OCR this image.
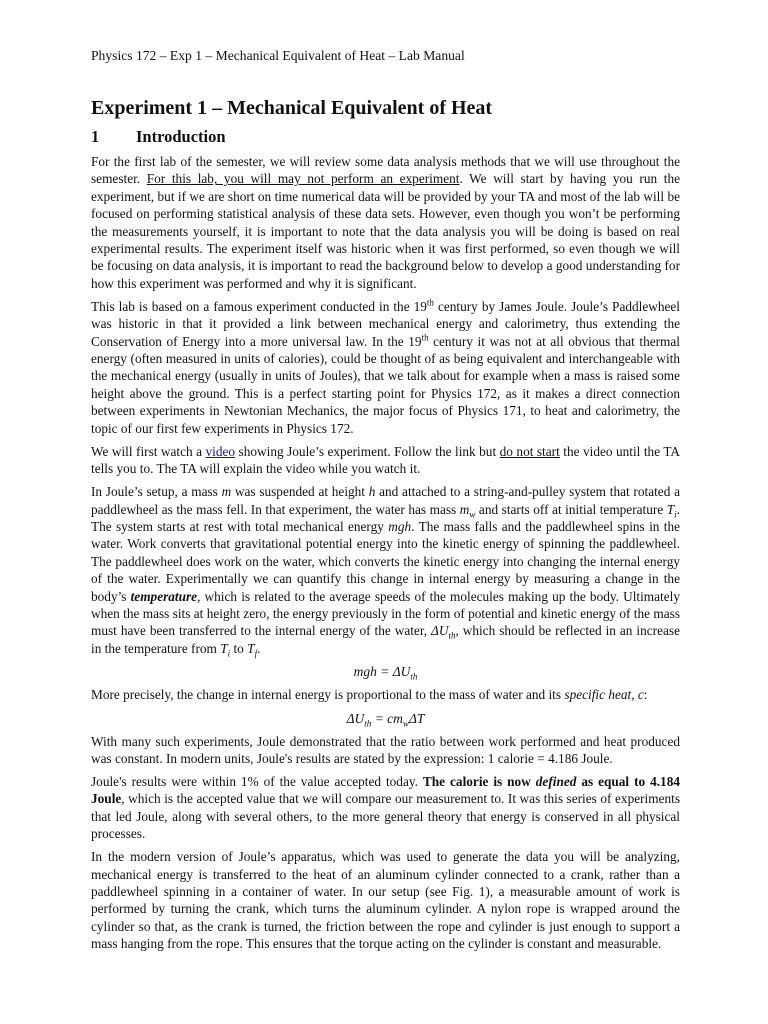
Physics 172 – Exp 1 – Mechanical Equivalent of Heat – Lab Manual
Experiment 1 – Mechanical Equivalent of Heat
1 Introduction

For the first lab of the semester, we will review some data analysis methods that we will use throughout the semester. For this lab, you will may not perform an experiment. We will start by having you run the experiment, but if we are short on time numerical data will be provided by your TA and most of the lab will be focused on performing statistical analysis of these data sets. However, even though you won’t be performing the measurements yourself, it is important to note that the data analysis you will be doing is based on real experimental results. The experiment itself was historic when it was first performed, so even though we will be focusing on data analysis, it is important to read the background below to develop a good understanding for how this experiment was performed and why it is significant.

This lab is based on a famous experiment conducted in the 19th century by James Joule. Joule’s Paddlewheel was historic in that it provided a link between mechanical energy and calorimetry, thus extending the Conservation of Energy into a more universal law. In the 19th century it was not at all obvious that thermal energy (often measured in units of calories), could be thought of as being equivalent and interchangeable with the mechanical energy (usually in units of Joules), that we talk about for example when a mass is raised some height above the ground. This is a perfect starting point for Physics 172, as it makes a direct connection between experiments in Newtonian Mechanics, the major focus of Physics 171, to heat and calorimetry, the topic of our first few experiments in Physics 172.

We will first watch a video showing Joule’s experiment. Follow the link but do not start the video until the TA tells you to. The TA will explain the video while you watch it.

In Joule’s setup, a mass m was suspended at height h and attached to a string-and-pulley system that rotated a paddlewheel as the mass fell. In that experiment, the water has mass $m_w$ and starts off at initial temperature $T_i$. The system starts at rest with total mechanical energy mgh. The mass falls and the paddlewheel spins in the water. Work converts that gravitational potential energy into the kinetic energy of spinning the paddlewheel. The paddlewheel does work on the water, which converts the kinetic energy into changing the internal energy of the water. Experimentally we can quantify this change in internal energy by measuring a change in the body’s temperature, which is related to the average speeds of the molecules making up the body. Ultimately when the mass sits at height zero, the energy previously in the form of potential and kinetic energy of the mass must have been transferred to the internal energy of the water, $\Delta U_{th}$, which should be reflected in an increase in the temperature from $T_i$ to $T_f$.

mgh = $\Delta U_{th}$

More precisely, the change in internal energy is proportional to the mass of water and its specific heat, c:

$\Delta U_{th} = cm_w\Delta T$

With many such experiments, Joule demonstrated that the ratio between work performed and heat produced was constant. In modern units, Joule's results are stated by the expression: 1 calorie = 4.186 Joule.

Joule's results were within 1% of the value accepted today. The calorie is now defined as equal to 4.184 Joule, which is the accepted value that we will compare our measurement to. It was this series of experiments that led Joule, along with several others, to the more general theory that energy is conserved in all physical processes.

In the modern version of Joule’s apparatus, which was used to generate the data you will be analyzing, mechanical energy is transferred to the heat of an aluminum cylinder connected to a crank, rather than a paddlewheel spinning in a container of water. In our setup (see Fig. 1), a measurable amount of work is performed by turning the crank, which turns the aluminum cylinder. A nylon rope is wrapped around the cylinder so that, as the crank is turned, the friction between the rope and cylinder is just enough to support a mass hanging from the rope. This ensures that the torque acting on the cylinder is constant and measurable.
